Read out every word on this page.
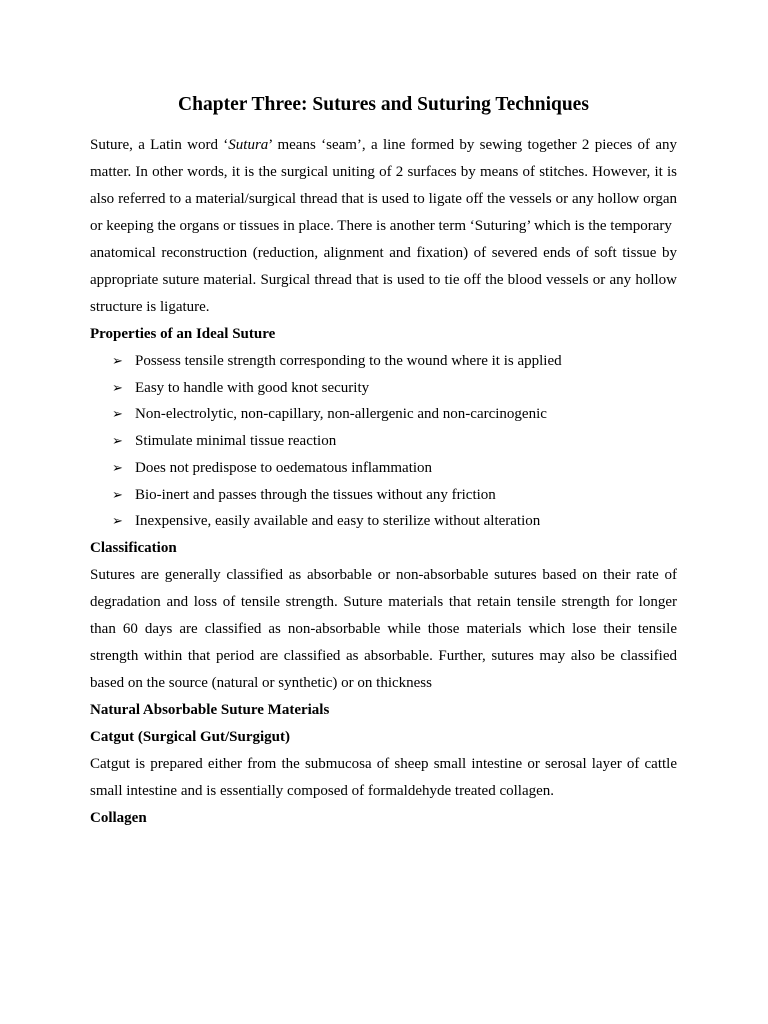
Chapter Three: Sutures and Suturing Techniques

Suture, a Latin word ‘Sutura’ means ‘seam’, a line formed by sewing together 2 pieces of any matter. In other words, it is the surgical uniting of 2 surfaces by means of stitches. However, it is also referred to a material/surgical thread that is used to ligate off the vessels or any hollow organ or keeping the organs or tissues in place. There is another term ‘Suturing’ which is the temporary

anatomical reconstruction (reduction, alignment and fixation) of severed ends of soft tissue by appropriate suture material. Surgical thread that is used to tie off the blood vessels or any hollow structure is ligature.

Properties of an Ideal Suture

➢ Possess tensile strength corresponding to the wound where it is applied
➢ Easy to handle with good knot security
➢ Non-electrolytic, non-capillary, non-allergenic and non-carcinogenic
➢ Stimulate minimal tissue reaction
➢ Does not predispose to oedematous inflammation
➢ Bio-inert and passes through the tissues without any friction
➢ Inexpensive, easily available and easy to sterilize without alteration

Classification

Sutures are generally classified as absorbable or non-absorbable sutures based on their rate of degradation and loss of tensile strength. Suture materials that retain tensile strength for longer than 60 days are classified as non-absorbable while those materials which lose their tensile strength within that period are classified as absorbable. Further, sutures may also be classified based on the source (natural or synthetic) or on thickness

Natural Absorbable Suture Materials

Catgut (Surgical Gut/Surgigut)

Catgut is prepared either from the submucosa of sheep small intestine or serosal layer of cattle small intestine and is essentially composed of formaldehyde treated collagen.

Collagen
